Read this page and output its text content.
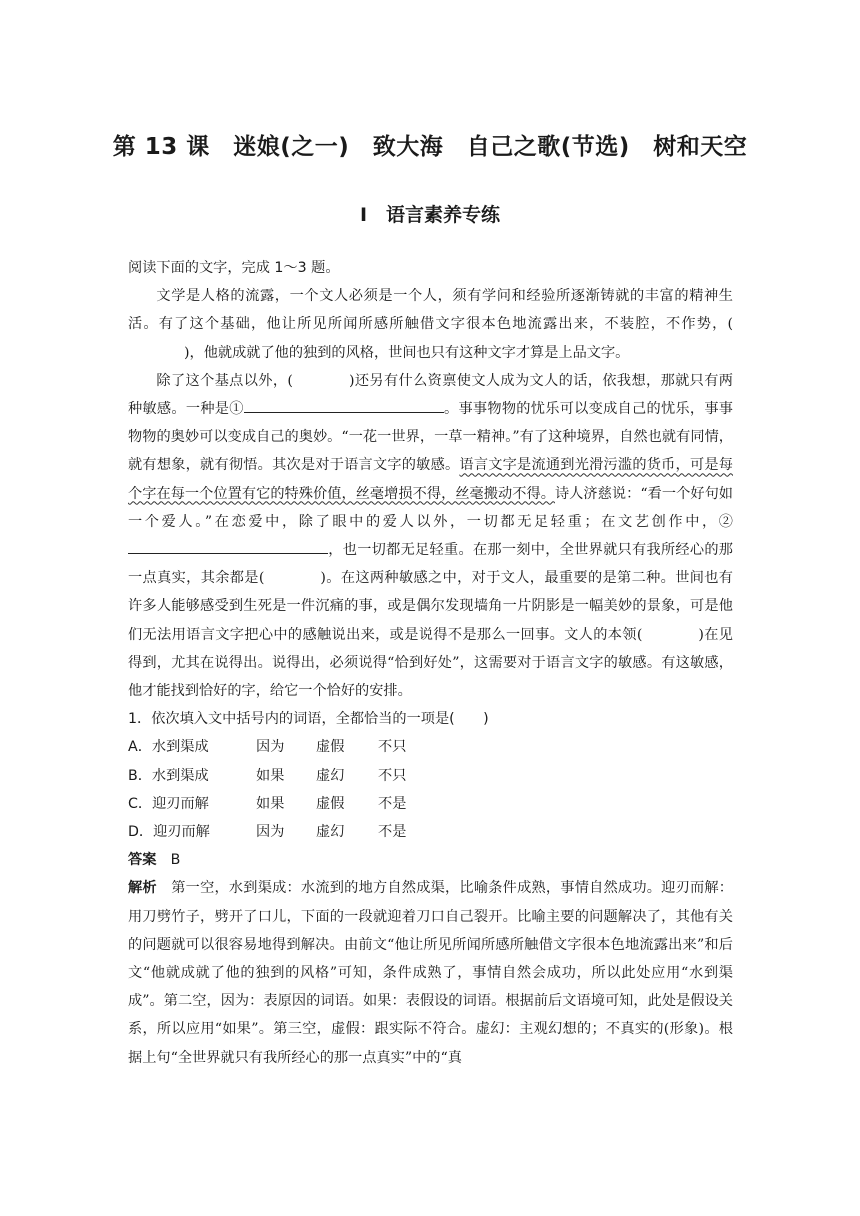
第 13 课　迷娘(之一)　致大海　自己之歌(节选)　树和天空
Ⅰ　语言素养专练

阅读下面的文字，完成 1～3 题。

文学是人格的流露，一个文人必须是一个人，须有学问和经验所逐渐铸就的丰富的精神生活。有了这个基础，他让所见所闻所感所触借文字很本色地流露出来，不装腔，不作势，()，他就成就了他的独到的风格，世间也只有这种文字才算是上品文字。

除了这个基点以外，(	)还另有什么资禀使文人成为文人的话，依我想，那就只有两种敏感。一种是①	。事事物物的忧乐可以变成自己的忧乐，事事物物的奥妙可以变成自己的奥妙。“一花一世界，一草一精神。”有了这种境界，自然也就有同情，就有想象，就有彻悟。其次是对于语言文字的敏感。语言文字是流通到光滑污滥的货币，可是每个字在每一个位置有它的特殊价值，丝毫增损不得，丝毫搬动不得。诗人济慈说：“看一个好句如一个爱人。”在恋爱中，除了眼中的爱人以外，一切都无足轻重；在文艺创作中，②，也一切都无足轻重。在那一刻中，全世界就只有我所经心的那一点真实，其余都是(	)。在这两种敏感之中，对于文人，最重要的是第二种。世间也有许多人能够感受到生死是一件沉痛的事，或是偶尔发现墙角一片阴影是一幅美妙的景象，可是他们无法用语言文字把心中的感触说出来，或是说得不是那么一回事。文人的本领(	)在见得到，尤其在说得出。说得出，必须说得“恰到好处”，这需要对于语言文字的敏感。有这敏感，他才能找到恰好的字，给它一个恰好的安排。

1．依次填入文中括号内的词语，全都恰当的一项是(　　)

A．水到渠成	因为	虚假	不只
B．水到渠成	如果	虚幻	不只
C．迎刃而解	如果	虚假	不是
D．迎刃而解	因为	虚幻	不是

答案　 B

解析　 第一空，水到渠成：水流到的地方自然成渠，比喻条件成熟，事情自然成功。迎刃而解：用刀劈竹子，劈开了口儿，下面的一段就迎着刀口自己裂开。比喻主要的问题解决了，其他有关的问题就可以很容易地得到解决。由前文“他让所见所闻所感所触借文字很本色地流露出来”和后文“他就成就了他的独到的风格”可知，条件成熟了，事情自然会成功，所以此处应用“水到渠成”。第二空，因为：表原因的词语。如果：表假设的词语。根据前后文语境可知，此处是假设关系，所以应用“如果”。第三空，虚假：跟实际不符合。虚幻：主观幻想的；不真实的(形象)。根据上句“全世界就只有我所经心的那一点真实”中的“真
